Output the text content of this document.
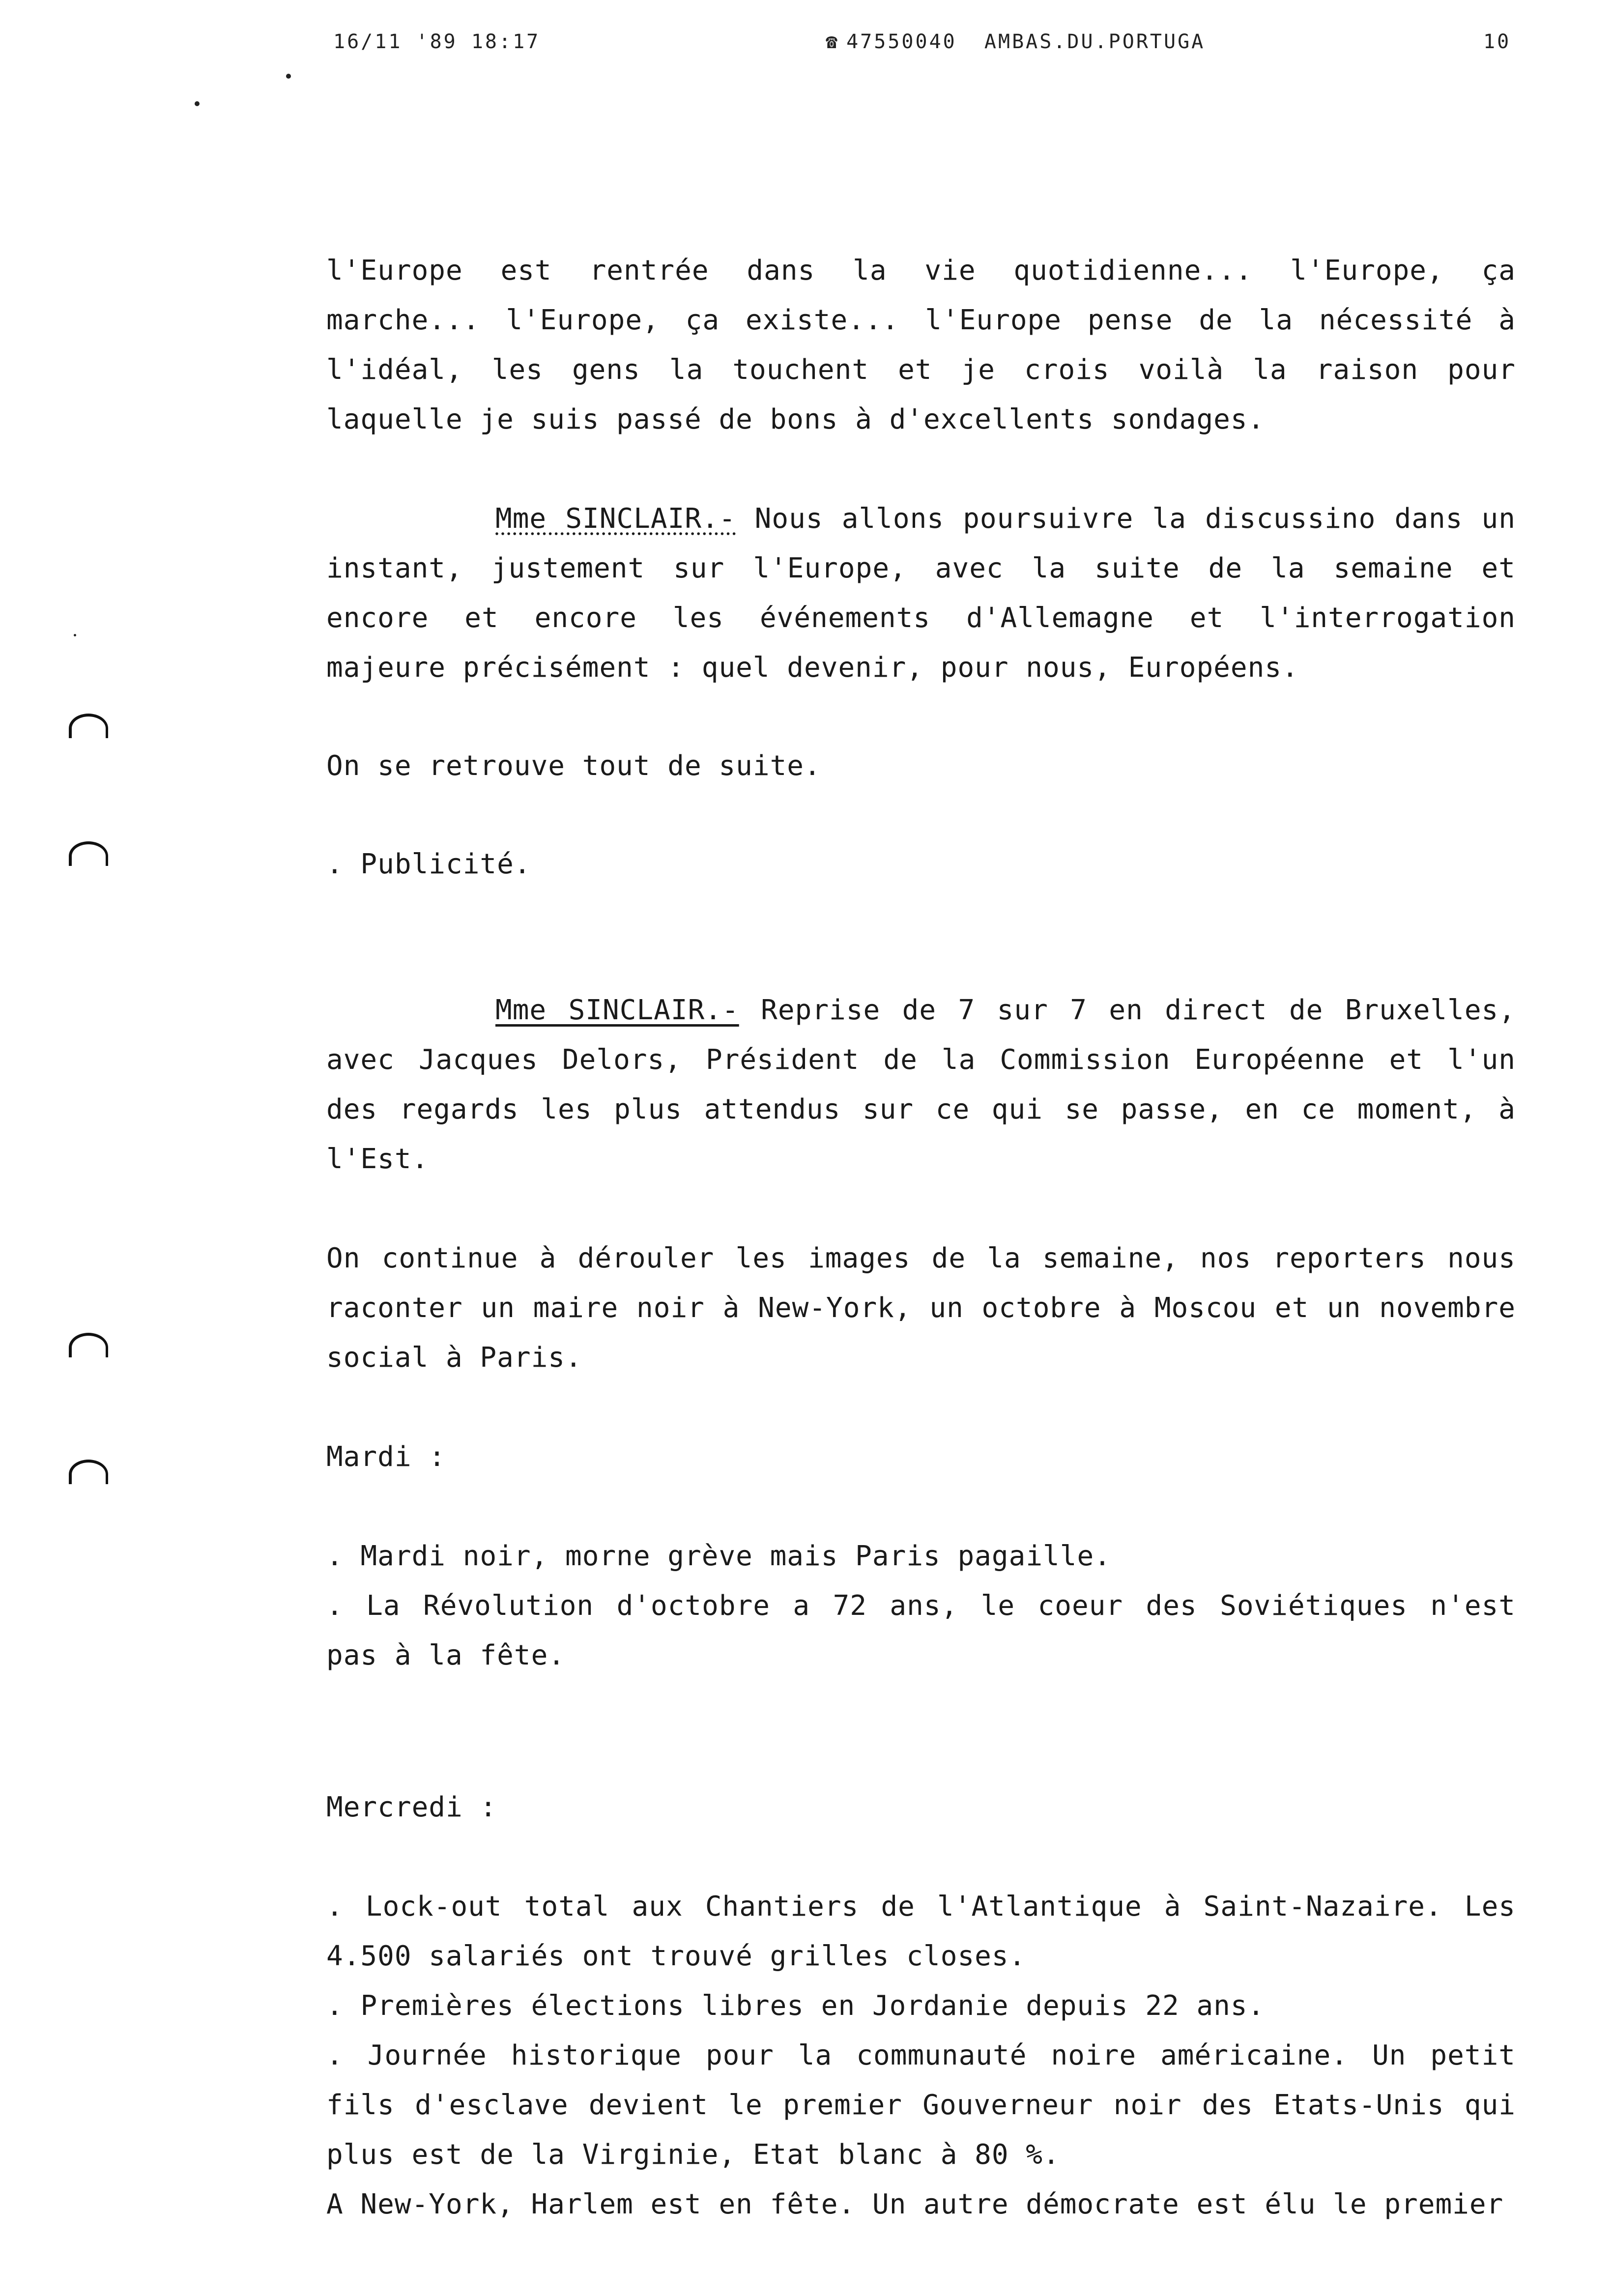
16/11 '89 18:17	☎ 47550040 AMBAS.DU.PORTUGA	10

l'Europe est rentrée dans la vie quotidienne... l'Europe, ça marche... l'Europe, ça existe... l'Europe pense de la nécessité à l'idéal, les gens la touchent et je crois voilà la raison pour laquelle je suis passé de bons à d'excellents sondages.

Mme SINCLAIR.- Nous allons poursuivre la discussino dans un instant, justement sur l'Europe, avec la suite de la semaine et encore et encore les événements d'Allemagne et l'interrogation majeure précisément : quel devenir, pour nous, Européens.

On se retrouve tout de suite.

. Publicité.

Mme SINCLAIR.- Reprise de 7 sur 7 en direct de Bruxelles, avec Jacques Delors, Président de la Commission Européenne et l'un des regards les plus attendus sur ce qui se passe, en ce moment, à l'Est.

On continue à dérouler les images de la semaine, nos reporters nous raconter un maire noir à New-York, un octobre à Moscou et un novembre social à Paris.

Mardi :

. Mardi noir, morne grève mais Paris pagaille.
. La Révolution d'octobre a 72 ans, le coeur des Soviétiques n'est pas à la fête.

Mercredi :

. Lock-out total aux Chantiers de l'Atlantique à Saint-Nazaire. Les 4.500 salariés ont trouvé grilles closes.
. Premières élections libres en Jordanie depuis 22 ans.
. Journée historique pour la communauté noire américaine. Un petit fils d'esclave devient le premier Gouverneur noir des Etats-Unis qui plus est de la Virginie, Etat blanc à 80 %.

A New-York, Harlem est en fête. Un autre démocrate est élu le premier
